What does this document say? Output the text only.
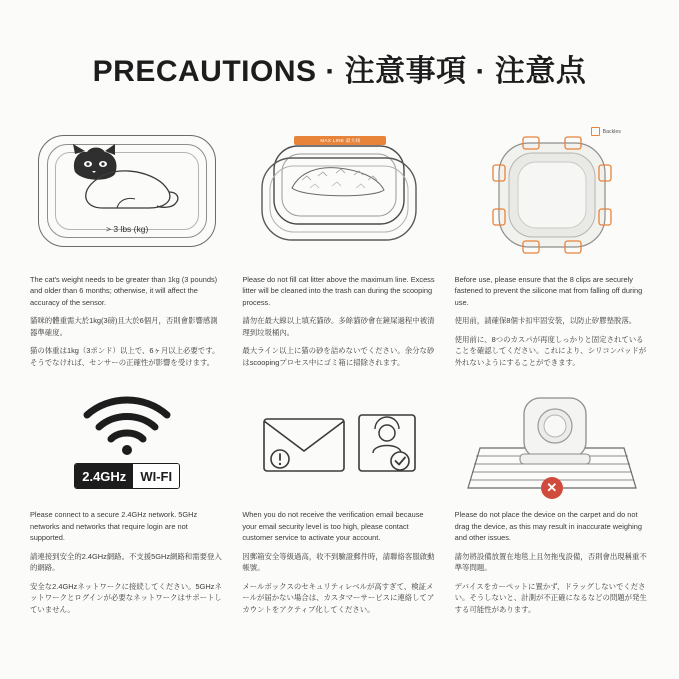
PRECAUTIONS · 注意事項 · 注意点
> 3 lbs (kg)

The cat's weight needs to be greater than 1kg (3 pounds) and older than 6 months; otherwise, it will affect the accuracy of the sensor.

貓咪的體重需大於1kg(3磅)且大於6個月，否則會影響感測器準確度。

猫の体重は1kg（3ポンド）以上で、6ヶ月以上必要です。そうでなければ、センサーの正確性が影響を受けます。

MAX LINE 最大线

Please do not fill cat litter above the maximum line. Excess litter will be cleaned into the trash can during the scooping process.

請勿在最大線以上填充貓砂。多餘貓砂會在鏟屎過程中被清理到垃圾桶內。

最大ライン以上に猫の砂を詰めないでください。余分な砂はscoopingプロセス中にゴミ箱に掃除されます。

Backles

Before use, please ensure that the 8 clips are securely fastened to prevent the silicone mat from falling off during use.

使用前，請確保8個卡扣牢固安裝，以防止矽膠墊脫落。

使用前に、8つのカスパが再度しっかりと固定されていることを確認してください。これにより、シリコンパッドが外れないようにすることができます。

2.4GHz	WI-FI

Please connect to a secure 2.4GHz network. 5GHz networks and networks that require login are not supported.

請連接到安全的2.4GHz網路。不支援5GHz網路和需要登入的網路。

安全な2.4GHzネットワークに接続してください。5GHzネットワークとログインが必要なネットワークはサポートしていません。

When you do not receive the verification email because your email security level is too high, please contact customer service to activate your account.

因郵箱安全等級過高，收不到驗證郵件時，請聯絡客服啟動帳號。

メールボックスのセキュリティレベルが高すぎて、検証メールが届かない場合は、カスタマーサービスに連絡してアカウントをアクティブ化してください。

✕

Please do not place the device on the carpet and do not drag the device, as this may result in inaccurate weighing and other issues.

請勿將設備放置在地毯上且勿拖曳設備，否則會出現稱重不準等問題。

デバイスをカーペットに置かず、ドラッグしないでください。そうしないと、計測が不正確になるなどの問題が発生する可能性があります。
